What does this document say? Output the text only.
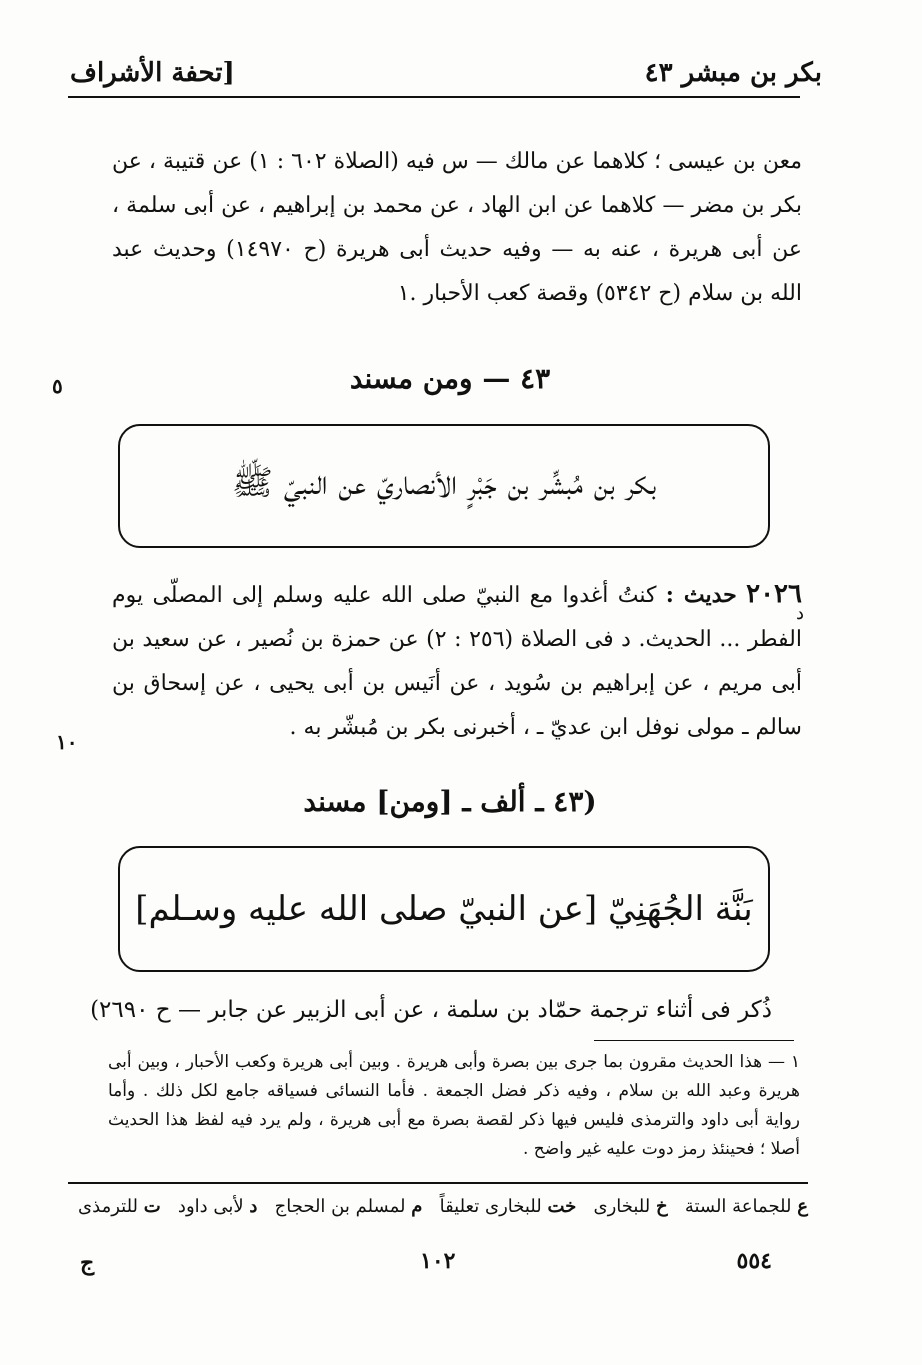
[تحفة الأشراف	بكر بن مبشر ٤٣
معن بن عيسى ؛ كلاهما عن مالك — س فيه (الصلاة ٦٠٢ : ١) عن قتيبة ، عن بكر بن مضر — كلاهما عن ابن الهاد ، عن محمد بن إبراهيم ، عن أبى سلمة ، عن أبى هريرة ، عنه به — وفيه حديث أبى هريرة (ح ١٤٩٧٠) وحديث عبد الله بن سلام (ح ٥٣٤٢) وقصة كعب الأحبار .١
٤٣ — ومن مسند
٥
بكر بن مُبشِّر بن جَبْرٍ الأنصاريّ عن النبيّ ﷺ
٢٠٢٦ حديث : كنتُ أغدوا مع النبيّ صلى الله عليه وسلم إلى المصلّى يوم الفطر ... الحديث. د فى الصلاة (٢٥٦ : ٢) عن حمزة بن نُصير ، عن سعيد بن أبى مريم ، عن إبراهيم بن سُويد ، عن أنَيس بن أبى يحيى ، عن إسحاق بن سالم ـ مولى نوفل ابن عديّ ـ ، أخبرنى بكر بن مُبشّر به .
د
١٠
(٤٣ ـ ألف ـ [ومن] مسند
بَنَّة الجُهَنِيّ [عن النبيّ صلى الله عليه وسـلم]
ذُكر فى أثناء ترجمة حمّاد بن سلمة ، عن أبى الزبير عن جابر — ح ٢٦٩٠)
١ — هذا الحديث مقرون بما جرى بين بصرة وأبى هريرة . وبين أبى هريرة وكعب الأحبار ، وبين أبى هريرة وعبد الله بن سلام ، وفيه ذكر فضل الجمعة . فأما النسائى فسياقه جامع لكل ذلك . وأما رواية أبى داود والترمذى فليس فيها ذكر لقصة بصرة مع أبى هريرة ، ولم يرد فيه لفظ هذا الحديث أصلا ؛ فحينئذ رمز دوت عليه غير واضح .
ع للجماعة الستة
خ للبخارى
خت للبخارى تعليقاً
م لمسلم بن الحجاج
د لأبى داود
ت للترمذى
ج	١٠٢	٥٥٤
